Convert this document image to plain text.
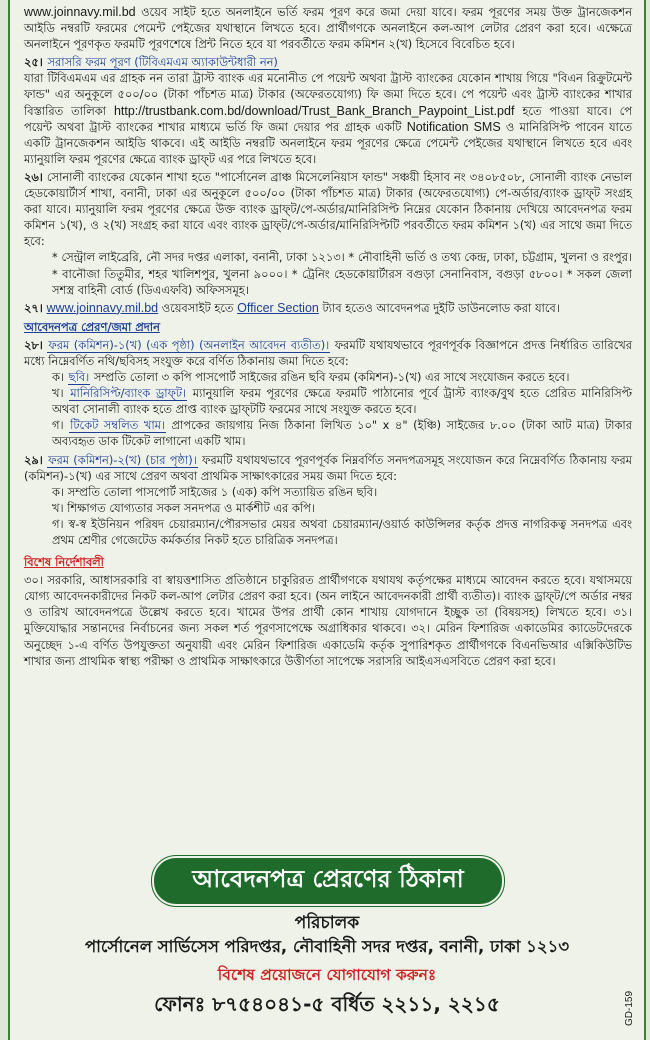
www.joinnavy.mil.bd ওয়েব সাইট হতে অনলাইনে ভর্তি ফরম পূরণ করে জমা দেয়া যাবে। ফরম পূরণের সময় উক্ত ট্রানজেকশন আইডি নম্বরটি ফরমের পেমেন্ট পেইজের যথাস্থানে লিখতে হবে। প্রার্থীগণকে অনলাইনে কল-আপ লেটার প্রেরণ করা হবে। এক্ষেত্রে অনলাইনে পূরণকৃত ফরমটি পূরণশেষে প্রিন্ট নিতে হবে যা পরবর্তীতে ফরম কমিশন ২(খ) হিসেবে বিবেচিত হবে।

২৫। সরাসরি ফরম পূরণ (টিবিএমএম অ্যাকাউন্টধারী নন)

যারা টিবিএমএম এর গ্রাহক নন তারা ট্রাস্ট ব্যাংক এর মনোনীত পে পয়েন্ট অথবা ট্রাস্ট ব্যাংকের যেকোন শাখায় গিয়ে "বিএন রিক্রুটমেন্ট ফান্ড" এর অনুকূলে ৫০০/০০ (টাকা পাঁচশত মাত্র) টাকার (অফেরতযোগ্য) ফি জমা দিতে হবে। পে পয়েন্ট এবং ট্রাস্ট ব্যাংকের শাখার বিস্তারিত তালিকা http://trustbank.com.bd/download/Trust_Bank_Branch_Paypoint_List.pdf হতে পাওয়া যাবে। পে পয়েন্ট অথবা ট্রাস্ট ব্যাংকের শাখার মাধ্যমে ভর্তি ফি জমা দেয়ার পর গ্রাহক একটি Notification SMS ও মানিরিসিপ্ট পাবেন যাতে একটি ট্রানজেকশন আইডি থাকবে। এই আইডি নম্বরটি অনলাইনে ফরম পূরণের ক্ষেত্রে পেমেন্ট পেইজের যথাস্থানে লিখতে হবে এবং ম্যানুয়ালি ফরম পূরণের ক্ষেত্রে ব্যাংক ড্রাফ্‌ট এর পরে লিখতে হবে।

২৬। সোনালী ব্যাংকের যেকোন শাখা হতে "পার্সোনেল ব্রাঞ্চ মিসেলেনিয়াস ফান্ড" সঞ্চয়ী হিসাব নং ৩৪০৮৫০৮, সোনালী ব্যাংক নেভাল হেডকোয়ার্টার্স শাখা, বনানী, ঢাকা এর অনুকূলে ৫০০/০০ (টাকা পাঁচশত মাত্র) টাকার (অফেরতযোগ্য) পে-অর্ডার/ব্যাংক ড্রাফ্‌ট সংগ্রহ করা যাবে। ম্যানুয়ালি ফরম পূরণের ক্ষেত্রে উক্ত ব্যাংক ড্রাফ্‌ট/পে-অর্ডার/মানিরিসিপ্ট নিম্নের যেকোন ঠিকানায় দেখিয়ে আবেদনপত্র ফরম কমিশন ১(খ), ও ২(খ) সংগ্রহ করা যাবে এবং ব্যাংক ড্রাফ্‌ট/পে-অর্ডার/মানিরিসিপ্টটি পরবর্তীতে ফরম কমিশন ১(খ) এর সাথে জমা দিতে হবে:

* সেন্ট্রাল লাইব্রেরি, নৌ সদর দপ্তর এলাকা, বনানী, ঢাকা ১২১৩। * নৌবাহিনী ভর্তি ও তথ্য কেন্দ্র, ঢাকা, চট্টগ্রাম, খুলনা ও রংপুর। * বানৌজা তিতুমীর, শহর খালিশপুর, খুলনা ৯০০০। * ট্রেনিং হেডকোয়ার্টারস বগুড়া সেনানিবাস, বগুড়া ৫৮০০। * সকল জেলা সশস্ত্র বাহিনী বোর্ড (ডিএএফবি) অফিসসমূহ।

২৭। www.joinnavy.mil.bd ওয়েবসাইট হতে Officer Section ট্যাব হতেও আবেদনপত্র দুইটি ডাউনলোড করা যাবে।

আবেদনপত্র প্রেরণ/জমা প্রদান

২৮। ফরম (কমিশন)-১(খ) (এক পৃষ্ঠা) (অনলাইন আবেদন ব্যতীত)। ফরমটি যথাযথভাবে পূরণপূর্বক বিজ্ঞাপনে প্রদত্ত নির্ধারিত তারিখের মধ্যে নিম্নেবর্ণিত নথি/ছবিসহ সংযুক্ত করে বর্ণিত ঠিকানায় জমা দিতে হবে:

ক। ছবি। সম্প্রতি তোলা ৩ কপি পাসপোর্ট সাইজের রঙিন ছবি ফরম (কমিশন)-১(খ) এর সাথে সংযোজন করতে হবে।

খ। মানিরিসিপ্ট/ব্যাংক ড্রাফ্‌ট। ম্যানুয়ালি ফরম পূরণের ক্ষেত্রে ফরমটি পাঠানোর পূর্বে ট্রাস্ট ব্যাংক/বুথ হতে প্রেরিত মানিরিসিপ্ট অথবা সোনালী ব্যাংক হতে প্রাপ্ত ব্যাংক ড্রাফ্‌টটি ফরমের সাথে সংযুক্ত করতে হবে।

গ। টিকেট সম্বলিত খাম। প্রাপকের জায়গায় নিজ ঠিকানা লিখিত ১০" x ৪" (ইঞ্চি) সাইজের ৮.০০ (টাকা আট মাত্র) টাকার অব্যবহৃত ডাক টিকেট লাগানো একটি খাম।

২৯। ফরম (কমিশন)-২(খ) (চার পৃষ্ঠা)। ফরমটি যথাযথভাবে পূরণপূর্বক নিম্নবর্ণিত সনদপত্রসমূহ সংযোজন করে নিম্নেবর্ণিত ঠিকানায় ফরম (কমিশন)-১(খ) এর সাথে প্রেরণ অথবা প্রাথমিক সাক্ষাৎকারের সময় জমা দিতে হবে:

ক। সম্প্রতি তোলা পাসপোর্ট সাইজের ১ (এক) কপি সত্যায়িত রঙিন ছবি।

খ। শিক্ষাগত যোগ্যতার সকল সনদপত্র ও মার্কশীট এর কপি।

গ। স্ব-স্ব ইউনিয়ন পরিষদ চেয়ারম্যান/পৌরসভার মেয়র অথবা চেয়ারম্যান/ওয়ার্ড কাউন্সিলর কর্তৃক প্রদত্ত নাগরিকত্ব সনদপত্র এবং প্রথম শ্রেণীর গেজেটেড কর্মকর্তার নিকট হতে চারিত্রিক সনদপত্র।

বিশেষ নির্দেশাবলী

৩০। সরকারি, আধাসরকারি বা স্বায়ত্তশাসিত প্রতিষ্ঠানে চাকুরিরত প্রার্থীগণকে যথাযথ কর্তৃপক্ষের মাধ্যমে আবেদন করতে হবে। যথাসময়ে যোগ্য আবেদনকারীদের নিকট কল-আপ লেটার প্রেরণ করা হবে। (অন লাইনে আবেদনকারী প্রার্থী ব্যতীত)। ব্যাংক ড্রাফ্‌ট/পে অর্ডার নম্বর ও তারিখ আবেদনপত্রে উল্লেখ করতে হবে। খামের উপর প্রার্থী কোন শাখায় যোগদানে ইচ্ছুক তা (বিষয়সহ) লিখতে হবে। ৩১। মুক্তিযোদ্ধার সন্তানদের নির্বাচনের জন্য সকল শর্ত পূরণসাপেক্ষে অগ্রাধিকার থাকবে। ৩২। মেরিন ফিশারিজ একাডেমির ক্যাডেটদেরকে অনুচ্ছেদ ১-এ বর্ণিত উপযুক্ততা অনুযায়ী এবং মেরিন ফিশারিজ একাডেমি কর্তৃক সুপারিশকৃত প্রার্থীগণকে বিএনভিআর এক্সিকিউটিভ শাখার জন্য প্রাথমিক স্বাস্থ্য পরীক্ষা ও প্রাথমিক সাক্ষাৎকারে উত্তীর্ণতা সাপেক্ষে সরাসরি আইএসএসবিতে প্রেরণ করা হবে।

আবেদনপত্র প্রেরণের ঠিকানা
পরিচালক
পার্সোনেল সার্ভিসেস পরিদপ্তর, নৌবাহিনী সদর দপ্তর, বনানী, ঢাকা ১২১৩
বিশেষ প্রয়োজনে যোগাযোগ করুনঃ
ফোনঃ ৮৭৫৪০৪১-৫ বর্ধিত ২২১১, ২২১৫	GD-159
